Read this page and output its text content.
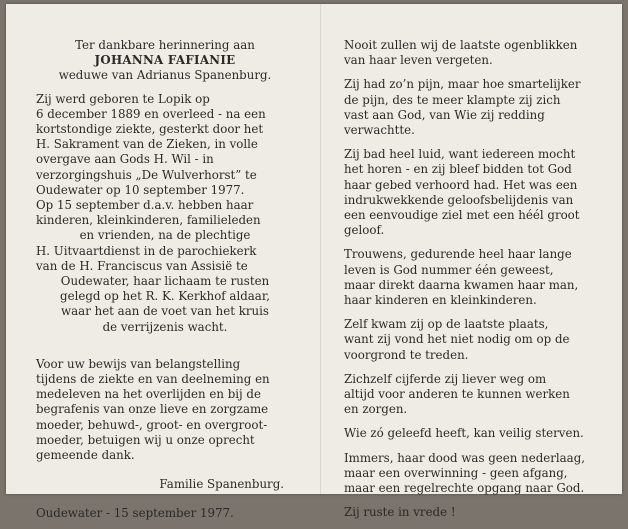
Ter dankbare herinnering aan
JOHANNA FAFIANIE
weduwe van Adrianus Spanenburg.
Zij werd geboren te Lopik op
6 december 1889 en overleed - na een
kortstondige ziekte, gesterkt door het
H. Sakrament van de Zieken, in volle
overgave aan Gods H. Wil - in
verzorgingshuis „De Wulverhorst” te
Oudewater op 10 september 1977.
Op 15 september d.a.v. hebben haar
kinderen, kleinkinderen, familieleden
en vrienden, na de plechtige
H. Uitvaartdienst in de parochiekerk
van de H. Franciscus van Assisië te
Oudewater, haar lichaam te rusten
gelegd op het R. K. Kerkhof aldaar,
waar het aan de voet van het kruis
de verrijzenis wacht.
Voor uw bewijs van belangstelling
tijdens de ziekte en van deelneming en
medeleven na het overlijden en bij de
begrafenis van onze lieve en zorgzame
moeder, behuwd-, groot- en overgroot-
moeder, betuigen wij u onze oprecht
gemeende dank.
Familie Spanenburg.
Oudewater - 15 september 1977.

Nooit zullen wij de laatste ogenblikken
van haar leven vergeten.

Zij had zo’n pijn, maar hoe smartelijker
de pijn, des te meer klampte zij zich
vast aan God, van Wie zij redding
verwachtte.

Zij bad heel luid, want iedereen mocht
het horen - en zij bleef bidden tot God
haar gebed verhoord had. Het was een
indrukwekkende geloofsbelijdenis van
een eenvoudige ziel met een héél groot
geloof.

Trouwens, gedurende heel haar lange
leven is God nummer één geweest,
maar direkt daarna kwamen haar man,
haar kinderen en kleinkinderen.

Zelf kwam zij op de laatste plaats,
want zij vond het niet nodig om op de
voorgrond te treden.

Zichzelf cijferde zij liever weg om
altijd voor anderen te kunnen werken
en zorgen.

Wie zó geleefd heeft, kan veilig sterven.

Immers, haar dood was geen nederlaag,
maar een overwinning - geen afgang,
maar een regelrechte opgang naar God.

Zij ruste in vrede !
